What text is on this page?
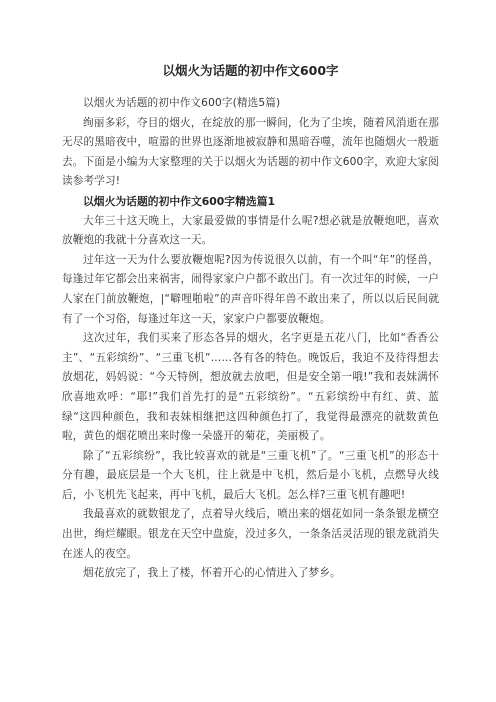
以烟火为话题的初中作文600字

以烟火为话题的初中作文600字(精选5篇)

绚丽多彩，夺目的烟火，在绽放的那一瞬间，化为了尘埃，随着风消逝在那无尽的黑暗夜中，喧嚣的世界也逐渐地被寂静和黑暗吞噬，流年也随烟火一般逝去。下面是小编为大家整理的关于以烟火为话题的初中作文600字，欢迎大家阅读参考学习!

以烟火为话题的初中作文600字精选篇1

大年三十这天晚上，大家最爱做的事情是什么呢?想必就是放鞭炮吧，喜欢放鞭炮的我就十分喜欢这一天。

过年这一天为什么要放鞭炮呢?因为传说很久以前，有一个叫“年”的怪兽，每逢过年它都会出来祸害，闹得家家户户都不敢出门。有一次过年的时候，一户人家在门前放鞭炮，|“噼哩啪啦”的声音吓得年兽不敢出来了，所以以后民间就有了一个习俗，每逢过年这一天，家家户户都要放鞭炮。

这次过年，我们买来了形态各异的烟火，名字更是五花八门，比如“香香公主”、“五彩缤纷”、“三重飞机”……各有各的特色。晚饭后，我迫不及待得想去放烟花，妈妈说：“今天特例，想放就去放吧，但是安全第一哦!”我和表妹满怀欣喜地欢呼：“耶!”我们首先打的是“五彩缤纷”。“五彩缤纷中有红、黄、蓝绿“这四种颜色，我和表妹相继把这四种颜色打了，我觉得最漂亮的就数黄色啦，黄色的烟花喷出来时像一朵盛开的菊花，美丽极了。

除了“五彩缤纷”，我比较喜欢的就是“三重飞机”了。“三重飞机”的形态十分有趣，最底层是一个大飞机，往上就是中飞机，然后是小飞机，点燃导火线后，小飞机先飞起来，再中飞机，最后大飞机。怎么样?三重飞机有趣吧!

我最喜欢的就数银龙了，点着导火线后，喷出来的烟花如同一条条银龙横空出世，绚烂耀眼。银龙在天空中盘旋，没过多久，一条条活灵活现的银龙就消失在迷人的夜空。

烟花放完了，我上了楼，怀着开心的心情进入了梦乡。
